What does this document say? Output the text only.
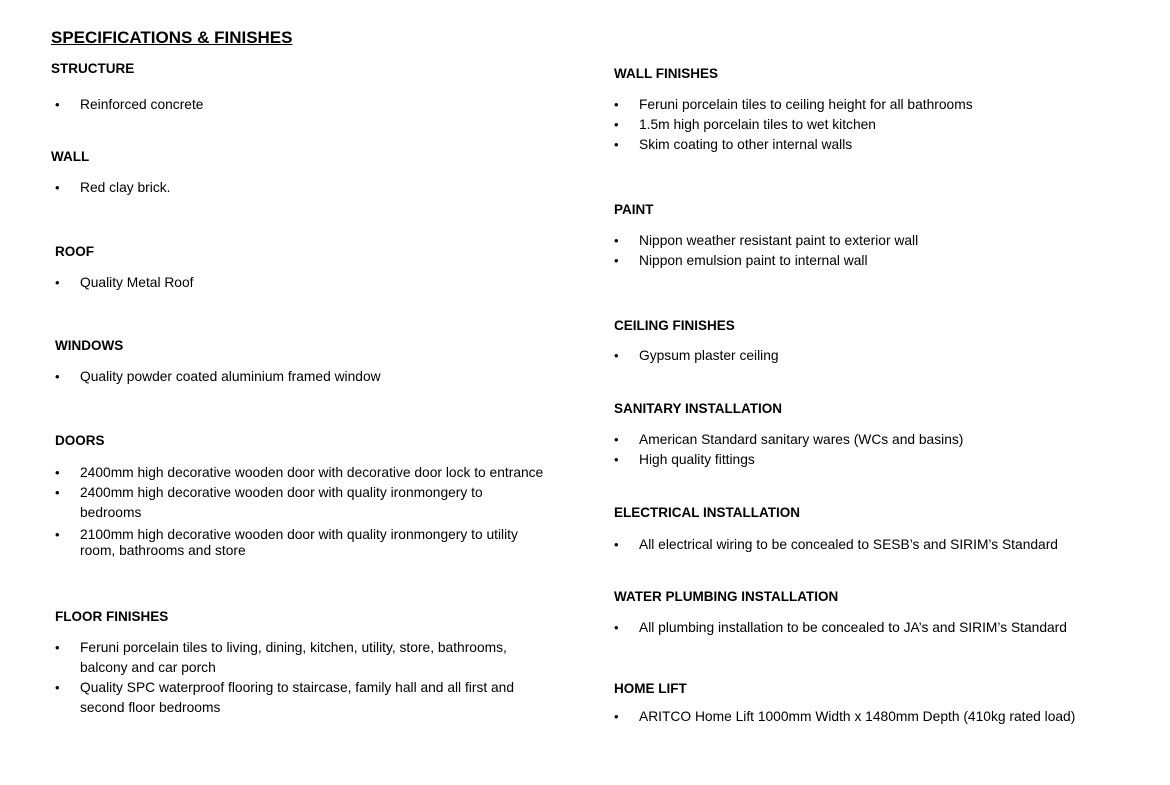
SPECIFICATIONS & FINISHES
STRUCTURE
• Reinforced concrete
WALL
• Red clay brick.
ROOF
• Quality Metal Roof
WINDOWS
• Quality powder coated aluminium framed window
DOORS
• 2400mm high decorative wooden door with decorative door lock to entrance
• 2400mm high decorative wooden door with quality ironmongery to bedrooms
• 2100mm high decorative wooden door with quality ironmongery to utility room, bathrooms and store
FLOOR FINISHES
• Feruni porcelain tiles to living, dining, kitchen, utility, store, bathrooms, balcony and car porch
• Quality SPC waterproof flooring to staircase, family hall and all first and second floor bedrooms
WALL FINISHES
• Feruni porcelain tiles to ceiling height for all bathrooms
• 1.5m high porcelain tiles to wet kitchen
• Skim coating to other internal walls
PAINT
• Nippon weather resistant paint to exterior wall
• Nippon emulsion paint to internal wall
CEILING FINISHES
• Gypsum plaster ceiling
SANITARY INSTALLATION
• American Standard sanitary wares (WCs and basins)
• High quality fittings
ELECTRICAL INSTALLATION
• All electrical wiring to be concealed to SESB’s and SIRIM’s Standard
WATER PLUMBING INSTALLATION
• All plumbing installation to be concealed to JA’s and SIRIM’s Standard
HOME LIFT
• ARITCO Home Lift 1000mm Width x 1480mm Depth (410kg rated load)
